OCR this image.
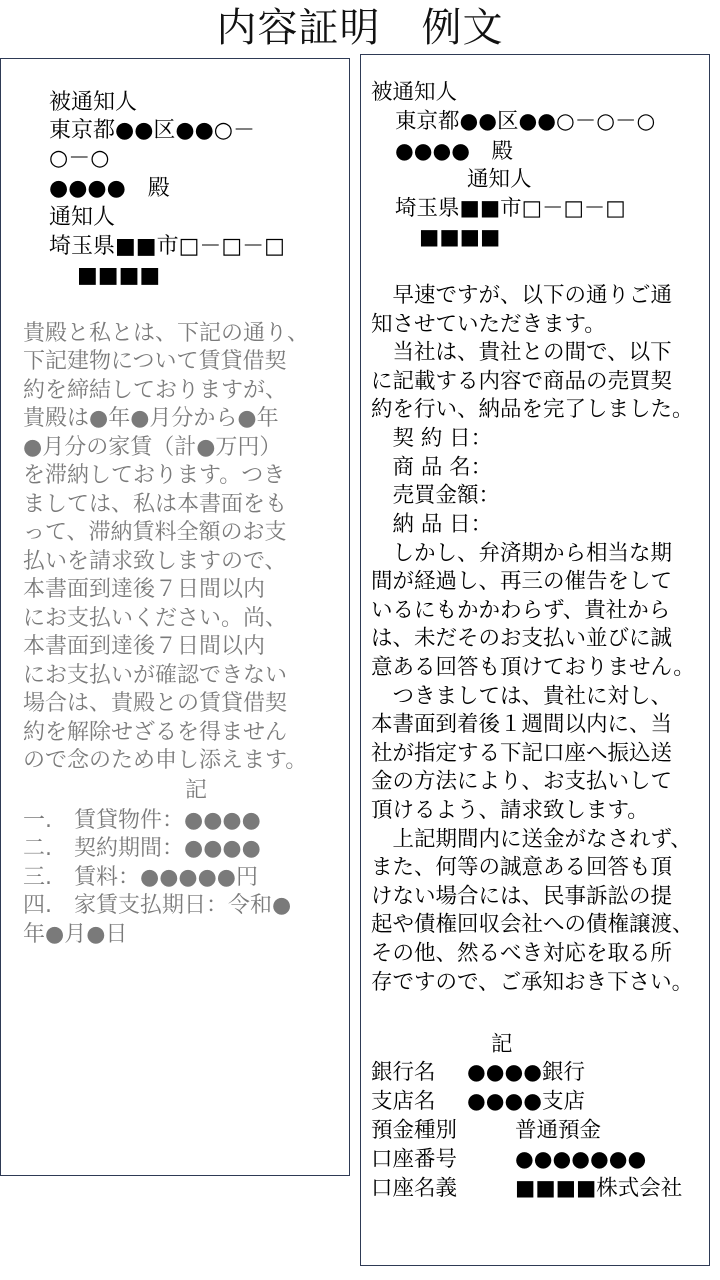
内容証明　例文
被通知人
東京都●●区●●○－
○－○
●●●●　殿
通知人
埼玉県■■市□－□－□
■■■■
貴殿と私とは、下記の通り、
下記建物について賃貸借契
約を締結しておりますが、
貴殿は●年●月分から●年
●月分の家賃（計●万円）
を滞納しております。つき
ましては、私は本書面をも
って、滞納賃料全額のお支
払いを請求致しますので、
本書面到達後７日間以内
にお支払いください。尚、
本書面到達後７日間以内
にお支払いが確認できない
場合は、貴殿との賃貸借契
約を解除せざるを得ません
ので念のため申し添えます。
記
一.　賃貸物件：●●●●
二.　契約期間：●●●●
三.　賃料：●●●●●円
四.　家賃支払期日：令和●
年●月●日
被通知人
東京都●●区●●○－○－○
●●●●　殿
通知人
埼玉県■■市□－□－□
■■■■
　早速ですが、以下の通りご通
知させていただきます。
　当社は、貴社との間で、以下
に記載する内容で商品の売買契
約を行い、納品を完了しました。
　契 約 日：
　商 品 名：
　売買金額：
　納 品 日：
　しかし、弁済期から相当な期
間が経過し、再三の催告をして
いるにもかかわらず、貴社から
は、未だそのお支払い並びに誠
意ある回答も頂けておりません。
　つきましては、貴社に対し、
本書面到着後１週間以内に、当
社が指定する下記口座へ振込送
金の方法により、お支払いして
頂けるよう、請求致します。
　上記期間内に送金がなされず、
また、何等の誠意ある回答も頂
けない場合には、民事訴訟の提
起や債権回収会社への債権譲渡、
その他、然るべき対応を取る所
存ですので、ご承知おき下さい。
記
銀行名 ●●●●銀行
支店名 ●●●●支店
預金種別	普通預金
口座番号	●●●●●●●
口座名義	■■■■株式会社
